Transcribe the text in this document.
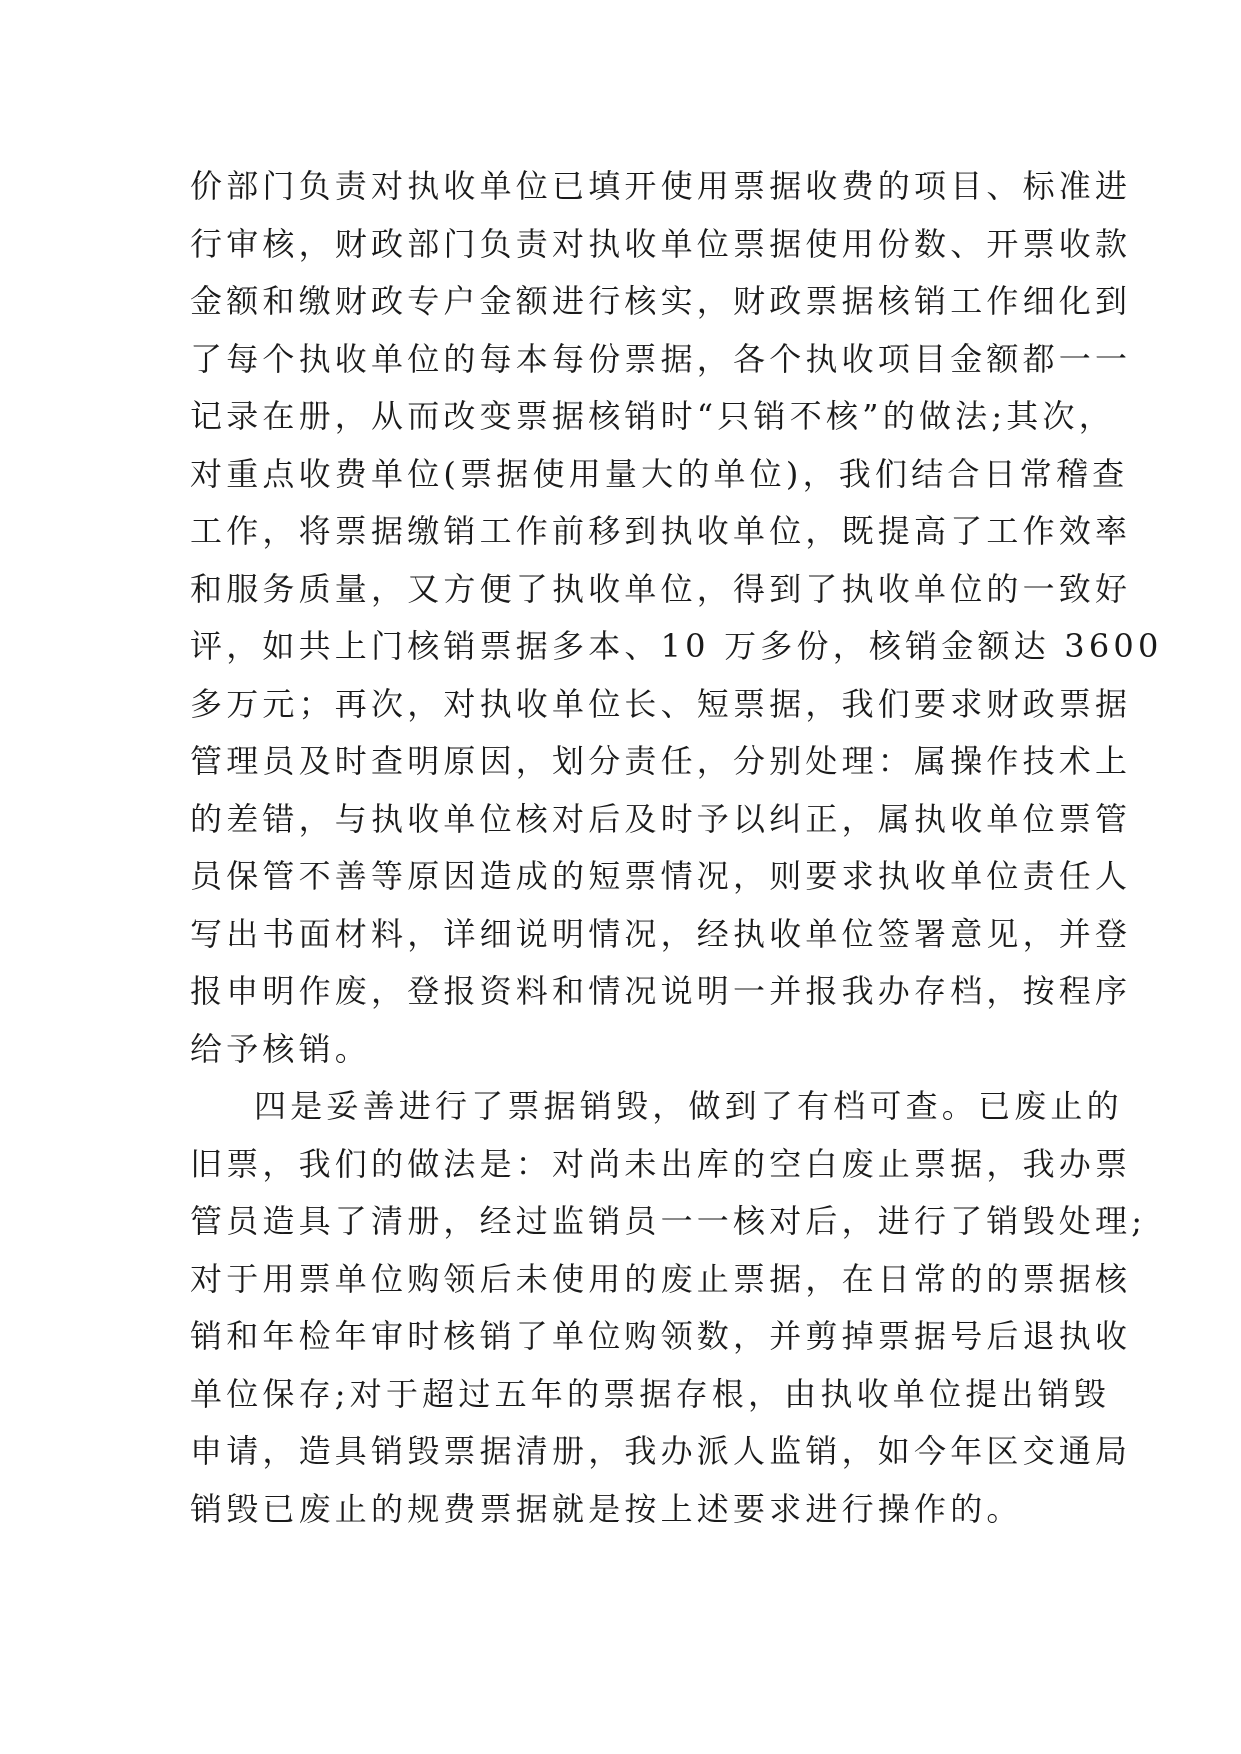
价部门负责对执收单位已填开使用票据收费的项目、标准进
行审核，财政部门负责对执收单位票据使用份数、开票收款
金额和缴财政专户金额进行核实，财政票据核销工作细化到
了每个执收单位的每本每份票据，各个执收项目金额都一一
记录在册，从而改变票据核销时“只销不核”的做法;其次，
对重点收费单位(票据使用量大的单位)，我们结合日常稽查
工作，将票据缴销工作前移到执收单位，既提高了工作效率
和服务质量，又方便了执收单位，得到了执收单位的一致好
评，如共上门核销票据多本、10 万多份，核销金额达 3600
多万元；再次，对执收单位长、短票据，我们要求财政票据
管理员及时查明原因，划分责任，分别处理：属操作技术上
的差错，与执收单位核对后及时予以纠正，属执收单位票管
员保管不善等原因造成的短票情况，则要求执收单位责任人
写出书面材料，详细说明情况，经执收单位签署意见，并登
报申明作废，登报资料和情况说明一并报我办存档，按程序
给予核销。
四是妥善进行了票据销毁，做到了有档可查。已废止的
旧票，我们的做法是：对尚未出库的空白废止票据，我办票
管员造具了清册，经过监销员一一核对后，进行了销毁处理;
对于用票单位购领后未使用的废止票据，在日常的的票据核
销和年检年审时核销了单位购领数，并剪掉票据号后退执收
单位保存;对于超过五年的票据存根，由执收单位提出销毁
申请，造具销毁票据清册，我办派人监销，如今年区交通局
销毁已废止的规费票据就是按上述要求进行操作的。
